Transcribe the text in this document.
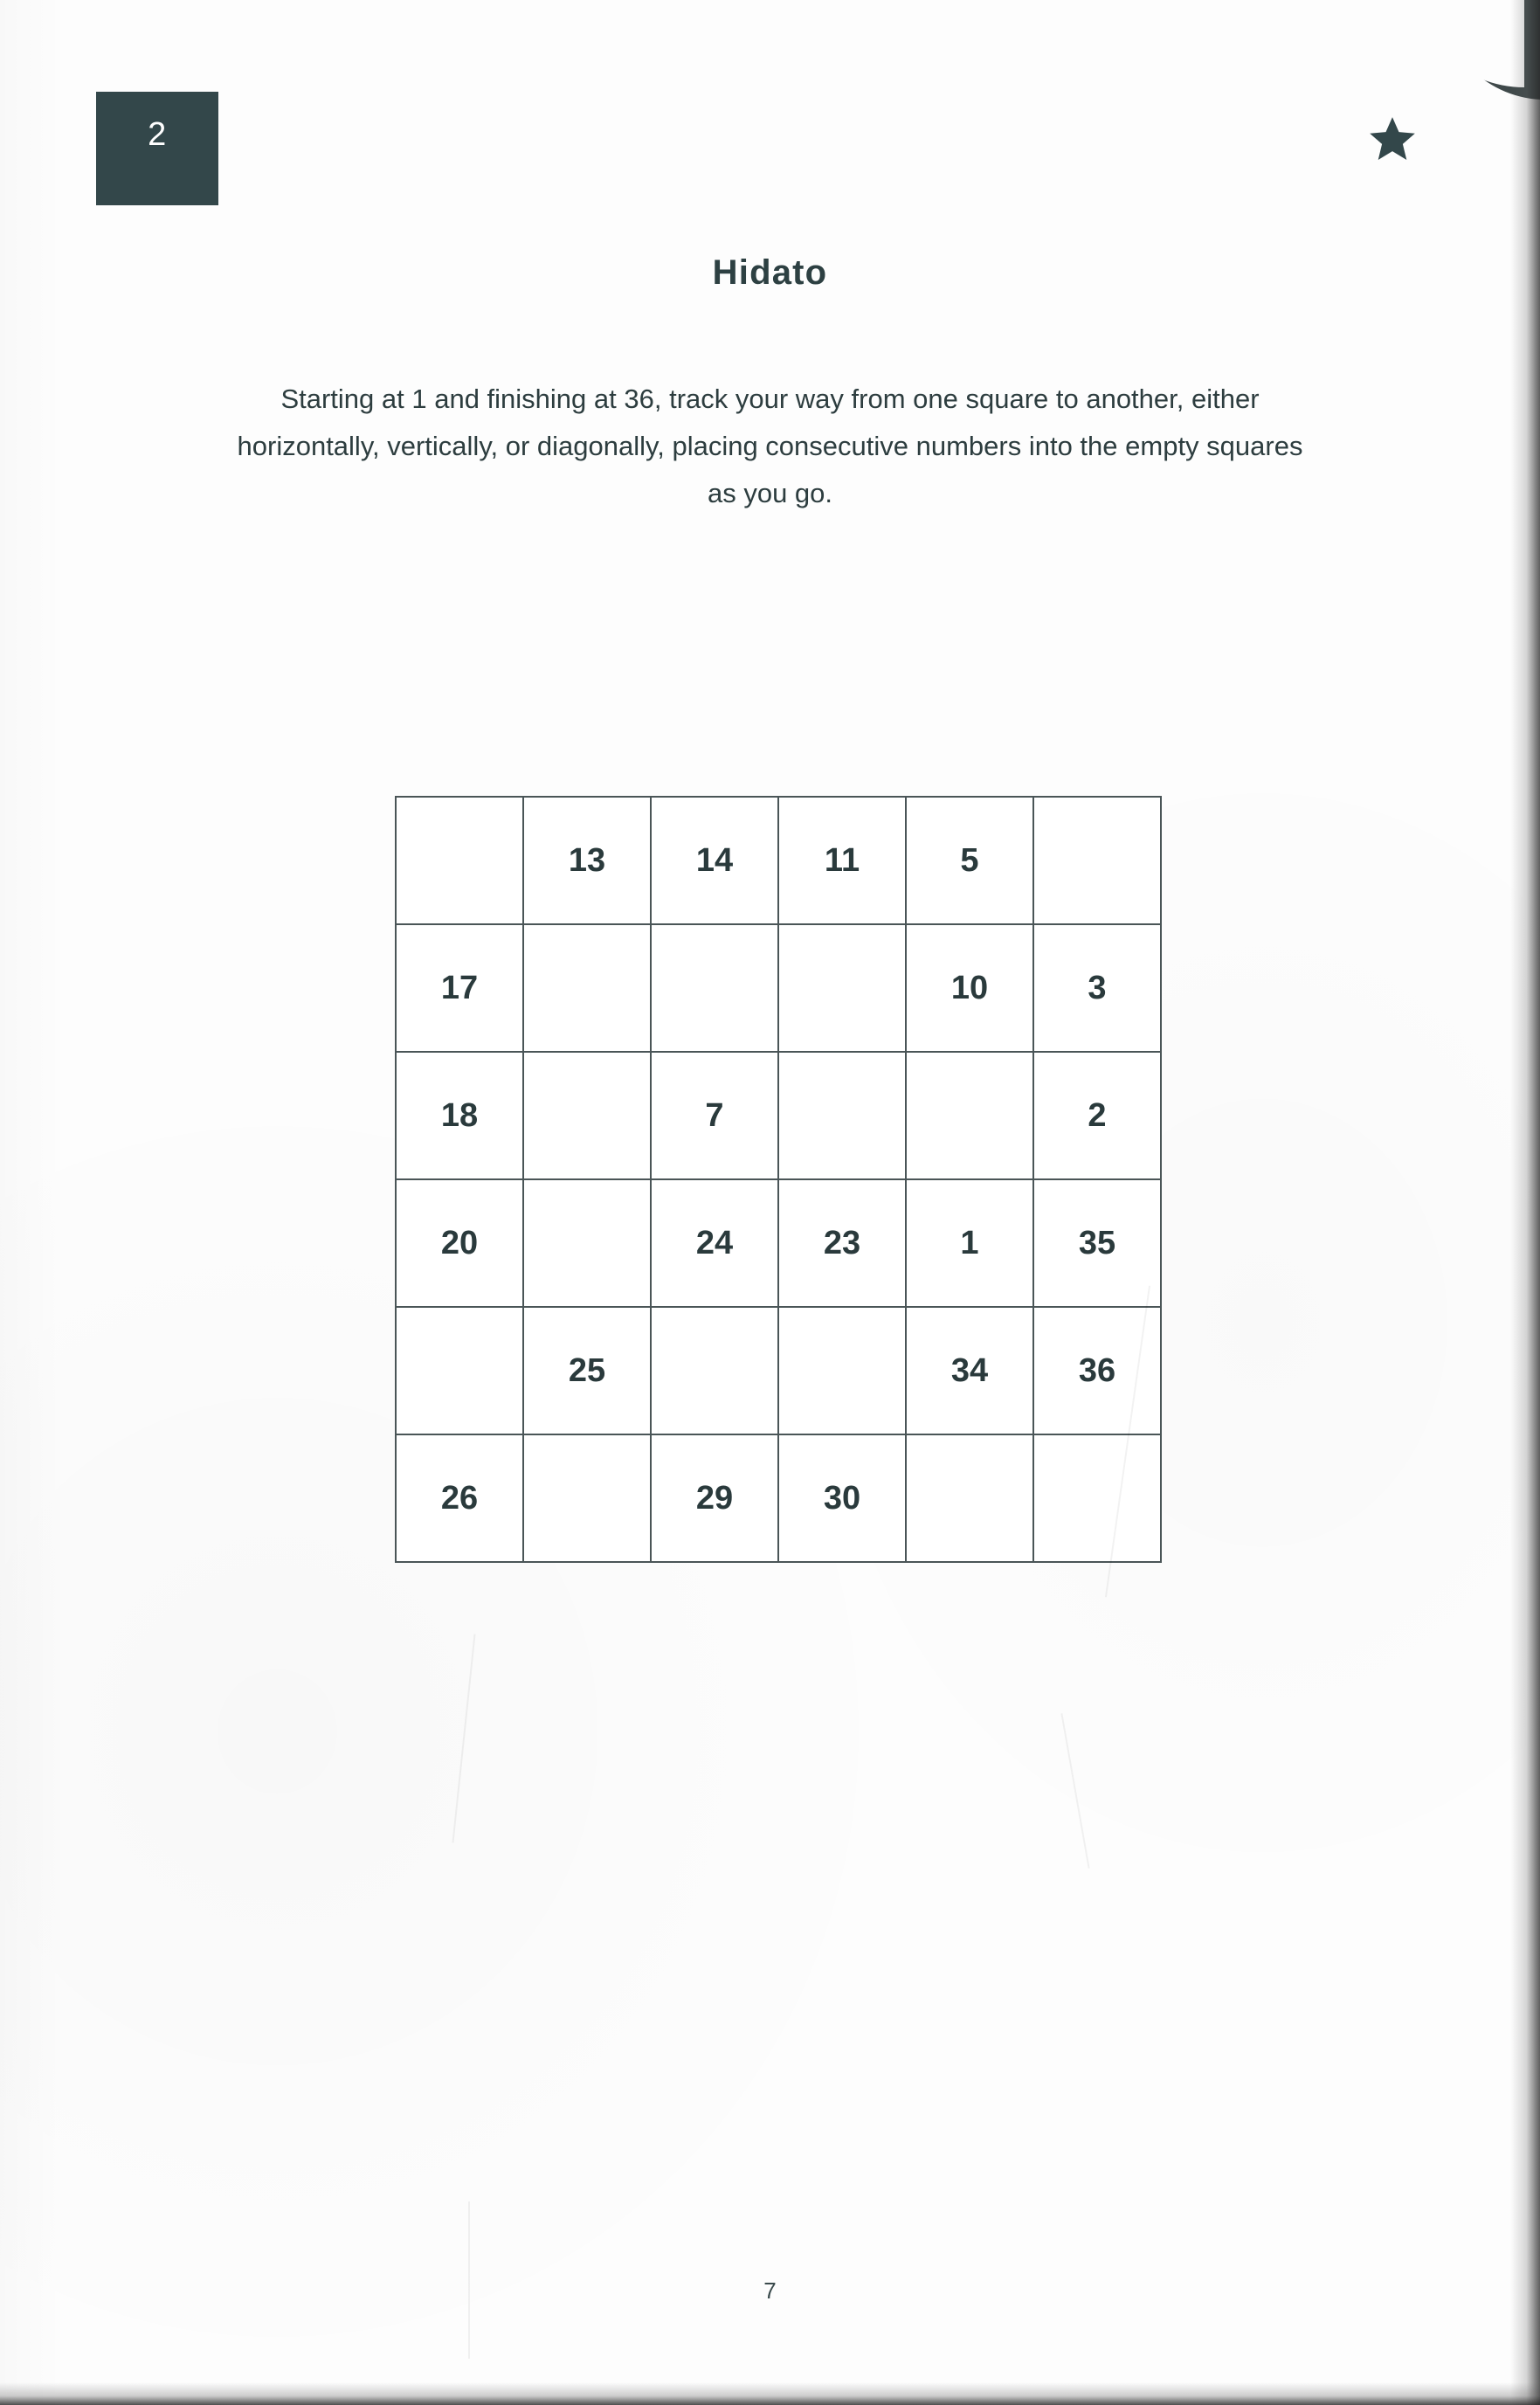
2
Hidato
Starting at 1 and finishing at 36, track your way from one square to another, either horizontally, vertically, or diagonally, placing consecutive numbers into the empty squares as you go.
	13	14	11	5	
17				10	3
18		7			2
20		24	23	1	35
	25			34	36
26		29	30		
7
